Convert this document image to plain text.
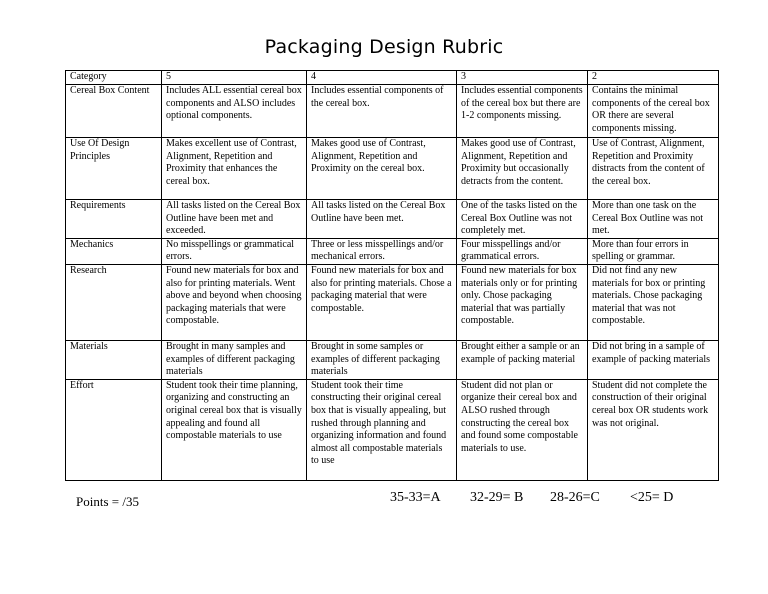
Packaging Design Rubric
Category	5	4	3	2
Cereal Box Content	Includes ALL essential cereal box components and ALSO includes optional components.	Includes essential components of the cereal box.	Includes essential components of the cereal box but there are 1-2 components missing.	Contains the minimal components of the cereal box OR there are several components missing.
Use Of Design Principles	Makes excellent use of Contrast, Alignment, Repetition and Proximity that enhances the cereal box.	Makes good use of Contrast, Alignment, Repetition and Proximity on the cereal box.	Makes good use of Contrast, Alignment, Repetition and Proximity but occasionally detracts from the content.	Use of Contrast, Alignment, Repetition and Proximity distracts from the content of the cereal box.
Requirements	All tasks listed on the Cereal Box Outline have been met and exceeded.	All tasks listed on the Cereal Box Outline have been met.	One of the tasks listed on the Cereal Box Outline was not completely met.	More than one task on the Cereal Box Outline was not met.
Mechanics	No misspellings or grammatical errors.	Three or less misspellings and/or mechanical errors.	Four misspellings and/or grammatical errors.	More than four errors in spelling or grammar.
Research	Found new materials for box and also for printing materials. Went above and beyond when choosing packaging materials that were compostable.	Found new materials for box and also for printing materials. Chose a packaging material that were compostable.	Found new materials for box materials only or for printing only. Chose packaging material that was partially compostable.	Did not find any new materials for box or printing materials. Chose packaging material that was not compostable.
Materials	Brought in many samples and examples of different packaging materials	Brought in some samples or examples of different packaging materials	Brought either a sample or an example of packing material	Did not bring in a sample of example of packing materials
Effort	Student took their time planning, organizing and constructing an original cereal box that is visually appealing and found all compostable materials to use	Student took their time constructing their original cereal box that is visually appealing, but rushed through planning and organizing information and found almost all compostable materials to use	Student did not plan or organize their cereal box and ALSO rushed through constructing the cereal box and found some compostable materials to use.	Student did not complete the construction of their original cereal box OR students work was not original.
Points = /35	35-33=A 32-29= B 28-26=C <25= D
